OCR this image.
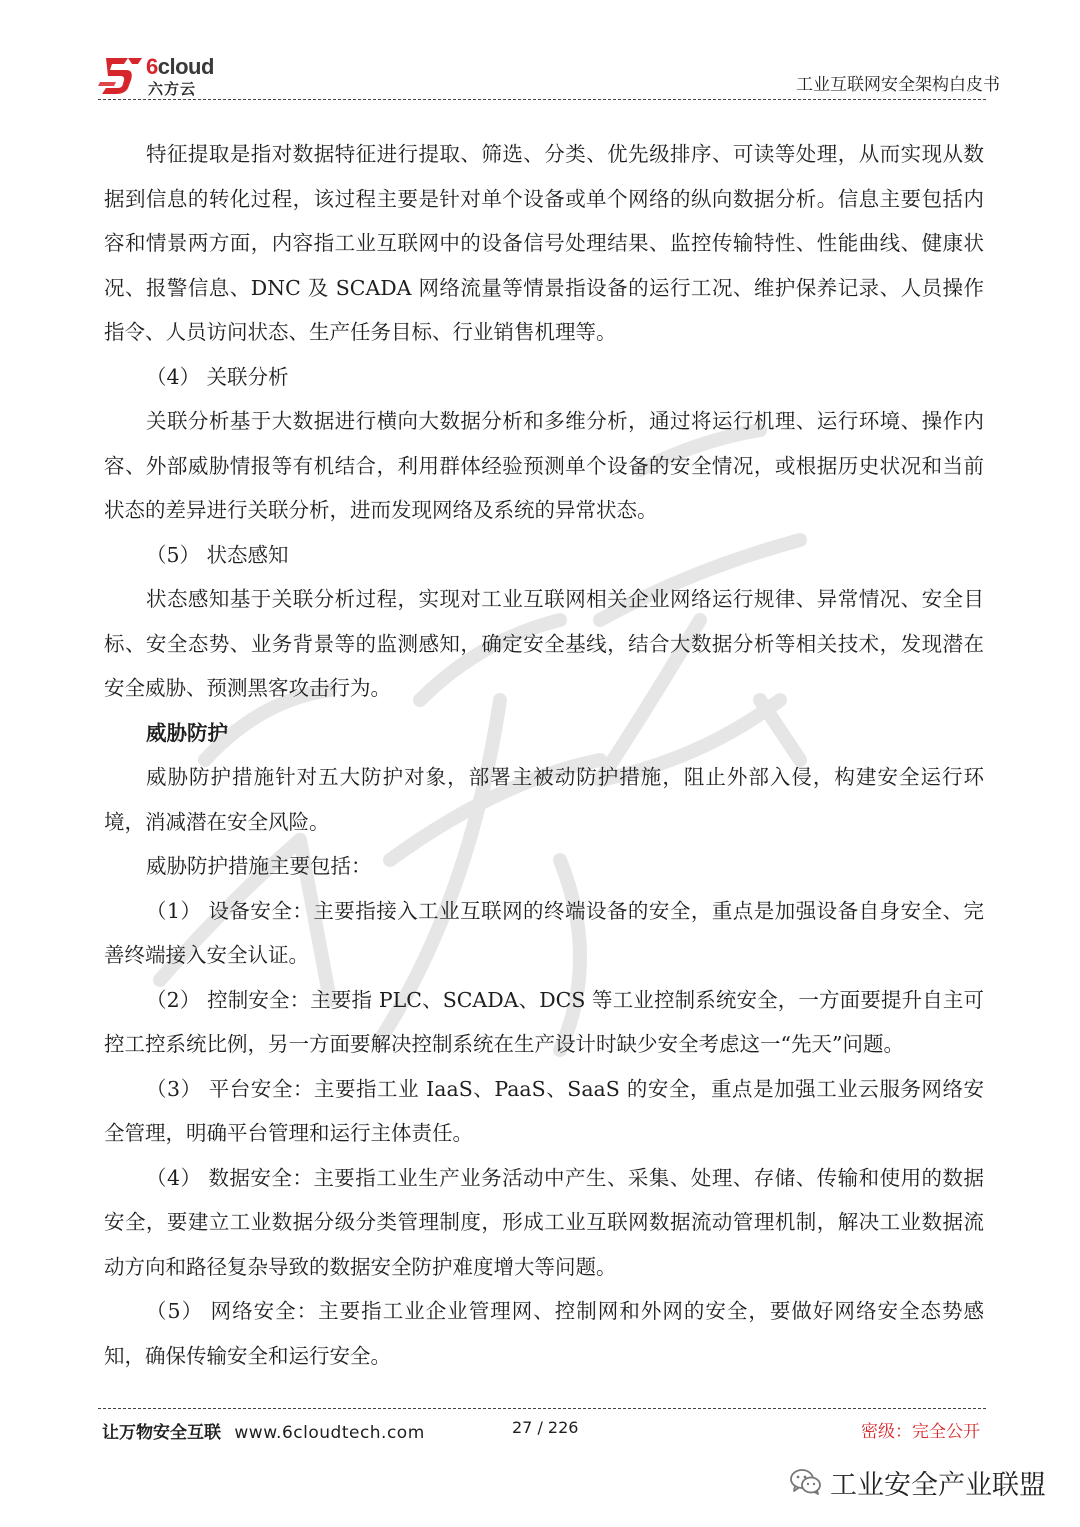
6cloud
六方云	工业互联网安全架构白皮书

特征提取是指对数据特征进行提取、筛选、分类、优先级排序、可读等处理，从而实现从数据到信息的转化过程，该过程主要是针对单个设备或单个网络的纵向数据分析。信息主要包括内容和情景两方面，内容指工业互联网中的设备信号处理结果、监控传输特性、性能曲线、健康状况、报警信息、DNC 及 SCADA 网络流量等情景指设备的运行工况、维护保养记录、人员操作指令、人员访问状态、生产任务目标、行业销售机理等。

（4） 关联分析

关联分析基于大数据进行横向大数据分析和多维分析，通过将运行机理、运行环境、操作内容、外部威胁情报等有机结合，利用群体经验预测单个设备的安全情况，或根据历史状况和当前状态的差异进行关联分析，进而发现网络及系统的异常状态。

（5） 状态感知

状态感知基于关联分析过程，实现对工业互联网相关企业网络运行规律、异常情况、安全目标、安全态势、业务背景等的监测感知，确定安全基线，结合大数据分析等相关技术，发现潜在安全威胁、预测黑客攻击行为。

威胁防护

威胁防护措施针对五大防护对象，部署主被动防护措施，阻止外部入侵，构建安全运行环境，消减潜在安全风险。

威胁防护措施主要包括：

（1） 设备安全：主要指接入工业互联网的终端设备的安全，重点是加强设备自身安全、完善终端接入安全认证。

（2） 控制安全：主要指 PLC、SCADA、DCS 等工业控制系统安全，一方面要提升自主可控工控系统比例，另一方面要解决控制系统在生产设计时缺少安全考虑这一“先天”问题。

（3） 平台安全：主要指工业 IaaS、PaaS、SaaS 的安全，重点是加强工业云服务网络安全管理，明确平台管理和运行主体责任。

（4） 数据安全：主要指工业生产业务活动中产生、采集、处理、存储、传输和使用的数据安全，要建立工业数据分级分类管理制度，形成工业互联网数据流动管理机制，解决工业数据流动方向和路径复杂导致的数据安全防护难度增大等问题。

（5） 网络安全：主要指工业企业管理网、控制网和外网的安全，要做好网络安全态势感知，确保传输安全和运行安全。

让万物安全互联 www.6cloudtech.com	27 / 226	密级：完全公开
工业安全产业联盟
